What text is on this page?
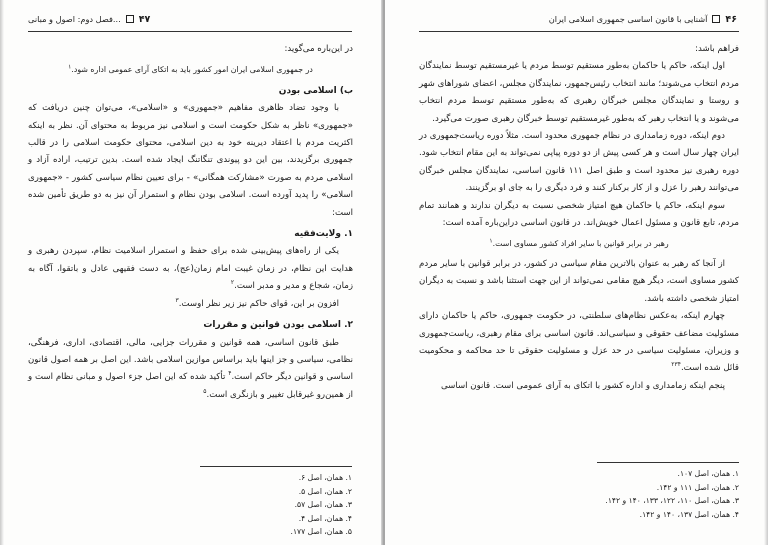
۴۷
فصل دوم: اصول و مبانی...

در این‌باره می‌گوید:

در جمهوری اسلامی ایران امور کشور باید به اتکای آرای عمومی اداره شود.$^۱$

ب) اسلامی بودن

با وجود تضاد ظاهری مفاهیم «جمهوری» و «اسلامی»، می‌توان چنین دریافت که «جمهوری» ناظر به شکل حکومت است و اسلامی نیز مربوط به محتوای آن. نظر به اینکه اکثریت مردم با اعتقاد دیرینه خود به دین اسلامی، محتوای حکومت اسلامی را در قالب جمهوری برگزیدند، بین این دو پیوندی تنگاتنگ ایجاد شده است. بدین ترتیب، اراده آزاد و اسلامی مردم به صورت «مشارکت همگانی» - برای تعیین نظام سیاسی کشور - «جمهوری اسلامی» را پدید آورده است. اسلامی بودن نظام و استمرار آن نیز به دو طریق تأمین شده است:

۱. ولایت‌فقیه

یکی از راه‌های پیش‌بینی شده برای حفظ و استمرار اسلامیت نظام، سپردن رهبری و هدایت این نظام، در زمان غیبت امام زمان(عج)، به دست فقیهی عادل و باتقوا، آگاه به زمان، شجاع و مدیر و مدبر است.$^۲$

افزون بر این، قوای حاکم نیز زیر نظر اوست.$^۳$

۲. اسلامی بودن قوانین و مقررات

طبق قانون اساسی، همه قوانین و مقررات جزایی، مالی، اقتصادی، اداری، فرهنگی، نظامی، سیاسی و جز اینها باید براساس موازین اسلامی باشد. این اصل بر همه اصول قانون اساسی و قوانین دیگر حاکم است.$^۴$ تأکید شده که این اصل جزء اصول و مبانی نظام است و از همین‌رو غیرقابل تغییر و بازنگری است.$^۵$

۱. همان، اصل ۶.
۲. همان، اصل ۵.
۳. همان، اصل ۵۷.
۴. همان، اصل ۴.
۵. همان، اصل ۱۷۷.
۴۶
آشنایی با قانون اساسی جمهوری اسلامی ایران

فراهم باشد:

اول اینکه، حاکم یا حاکمان به‌طور مستقیم توسط مردم یا غیرمستقیم توسط نمایندگان مردم انتخاب می‌شوند؛ مانند انتخاب رئیس‌جمهور، نمایندگان مجلس، اعضای شوراهای شهر و روستا و نمایندگان مجلس خبرگان رهبری که به‌طور مستقیم توسط مردم انتخاب می‌شوند و یا انتخاب رهبر که به‌طور غیرمستقیم توسط خبرگان رهبری صورت می‌گیرد.

دوم اینکه، دوره زمامداری در نظام جمهوری محدود است. مثلاً دوره ریاست‌جمهوری در ایران چهار سال است و هر کسی پیش از دو دوره پیاپی نمی‌تواند به این مقام انتخاب شود. دوره رهبری نیز محدود است و طبق اصل ۱۱۱ قانون اساسی، نمایندگان مجلس خبرگان می‌توانند رهبر را عزل و از کار برکنار کنند و فرد دیگری را به جای او برگزینند.

سوم اینکه، حاکم یا حاکمان هیچ امتیاز شخصی نسبت به دیگران ندارند و همانند تمام مردم، تابع قانون و مسئول اعمال خویش‌اند. در قانون اساسی دراین‌باره آمده است:

رهبر در برابر قوانین با سایر افراد کشور مساوی است.$^۱$

از آنجا که رهبر به عنوان بالاترین مقام سیاسی در کشور، در برابر قوانین با سایر مردم کشور مساوی است، دیگر هیچ مقامی نمی‌تواند از این جهت استثنا باشد و نسبت به دیگران امتیاز شخصی داشته باشد.

چهارم اینکه، به‌عکس نظام‌های سلطنتی، در حکومت جمهوری، حاکم یا حاکمان دارای مسئولیت مضاعف حقوقی و سیاسی‌اند. قانون اساسی برای مقام رهبری، ریاست‌جمهوری و وزیران، مسئولیت سیاسی در حد عزل و مسئولیت حقوقی تا حد محاکمه و محکومیت قائل شده است.$^{۲۳۴}$

پنجم اینکه زمامداری و اداره کشور با اتکای به آرای عمومی است. قانون اساسی

۱. همان، اصل ۱۰۷.
۲. همان، اصل ۱۱۱ و ۱۴۲.
۳. همان، اصل ۱۱۰، ۱۲۲، ۱۳۳، ۱۴۰ و ۱۴۲.
۴. همان، اصل ۱۳۷، ۱۴۰ و ۱۴۲.
